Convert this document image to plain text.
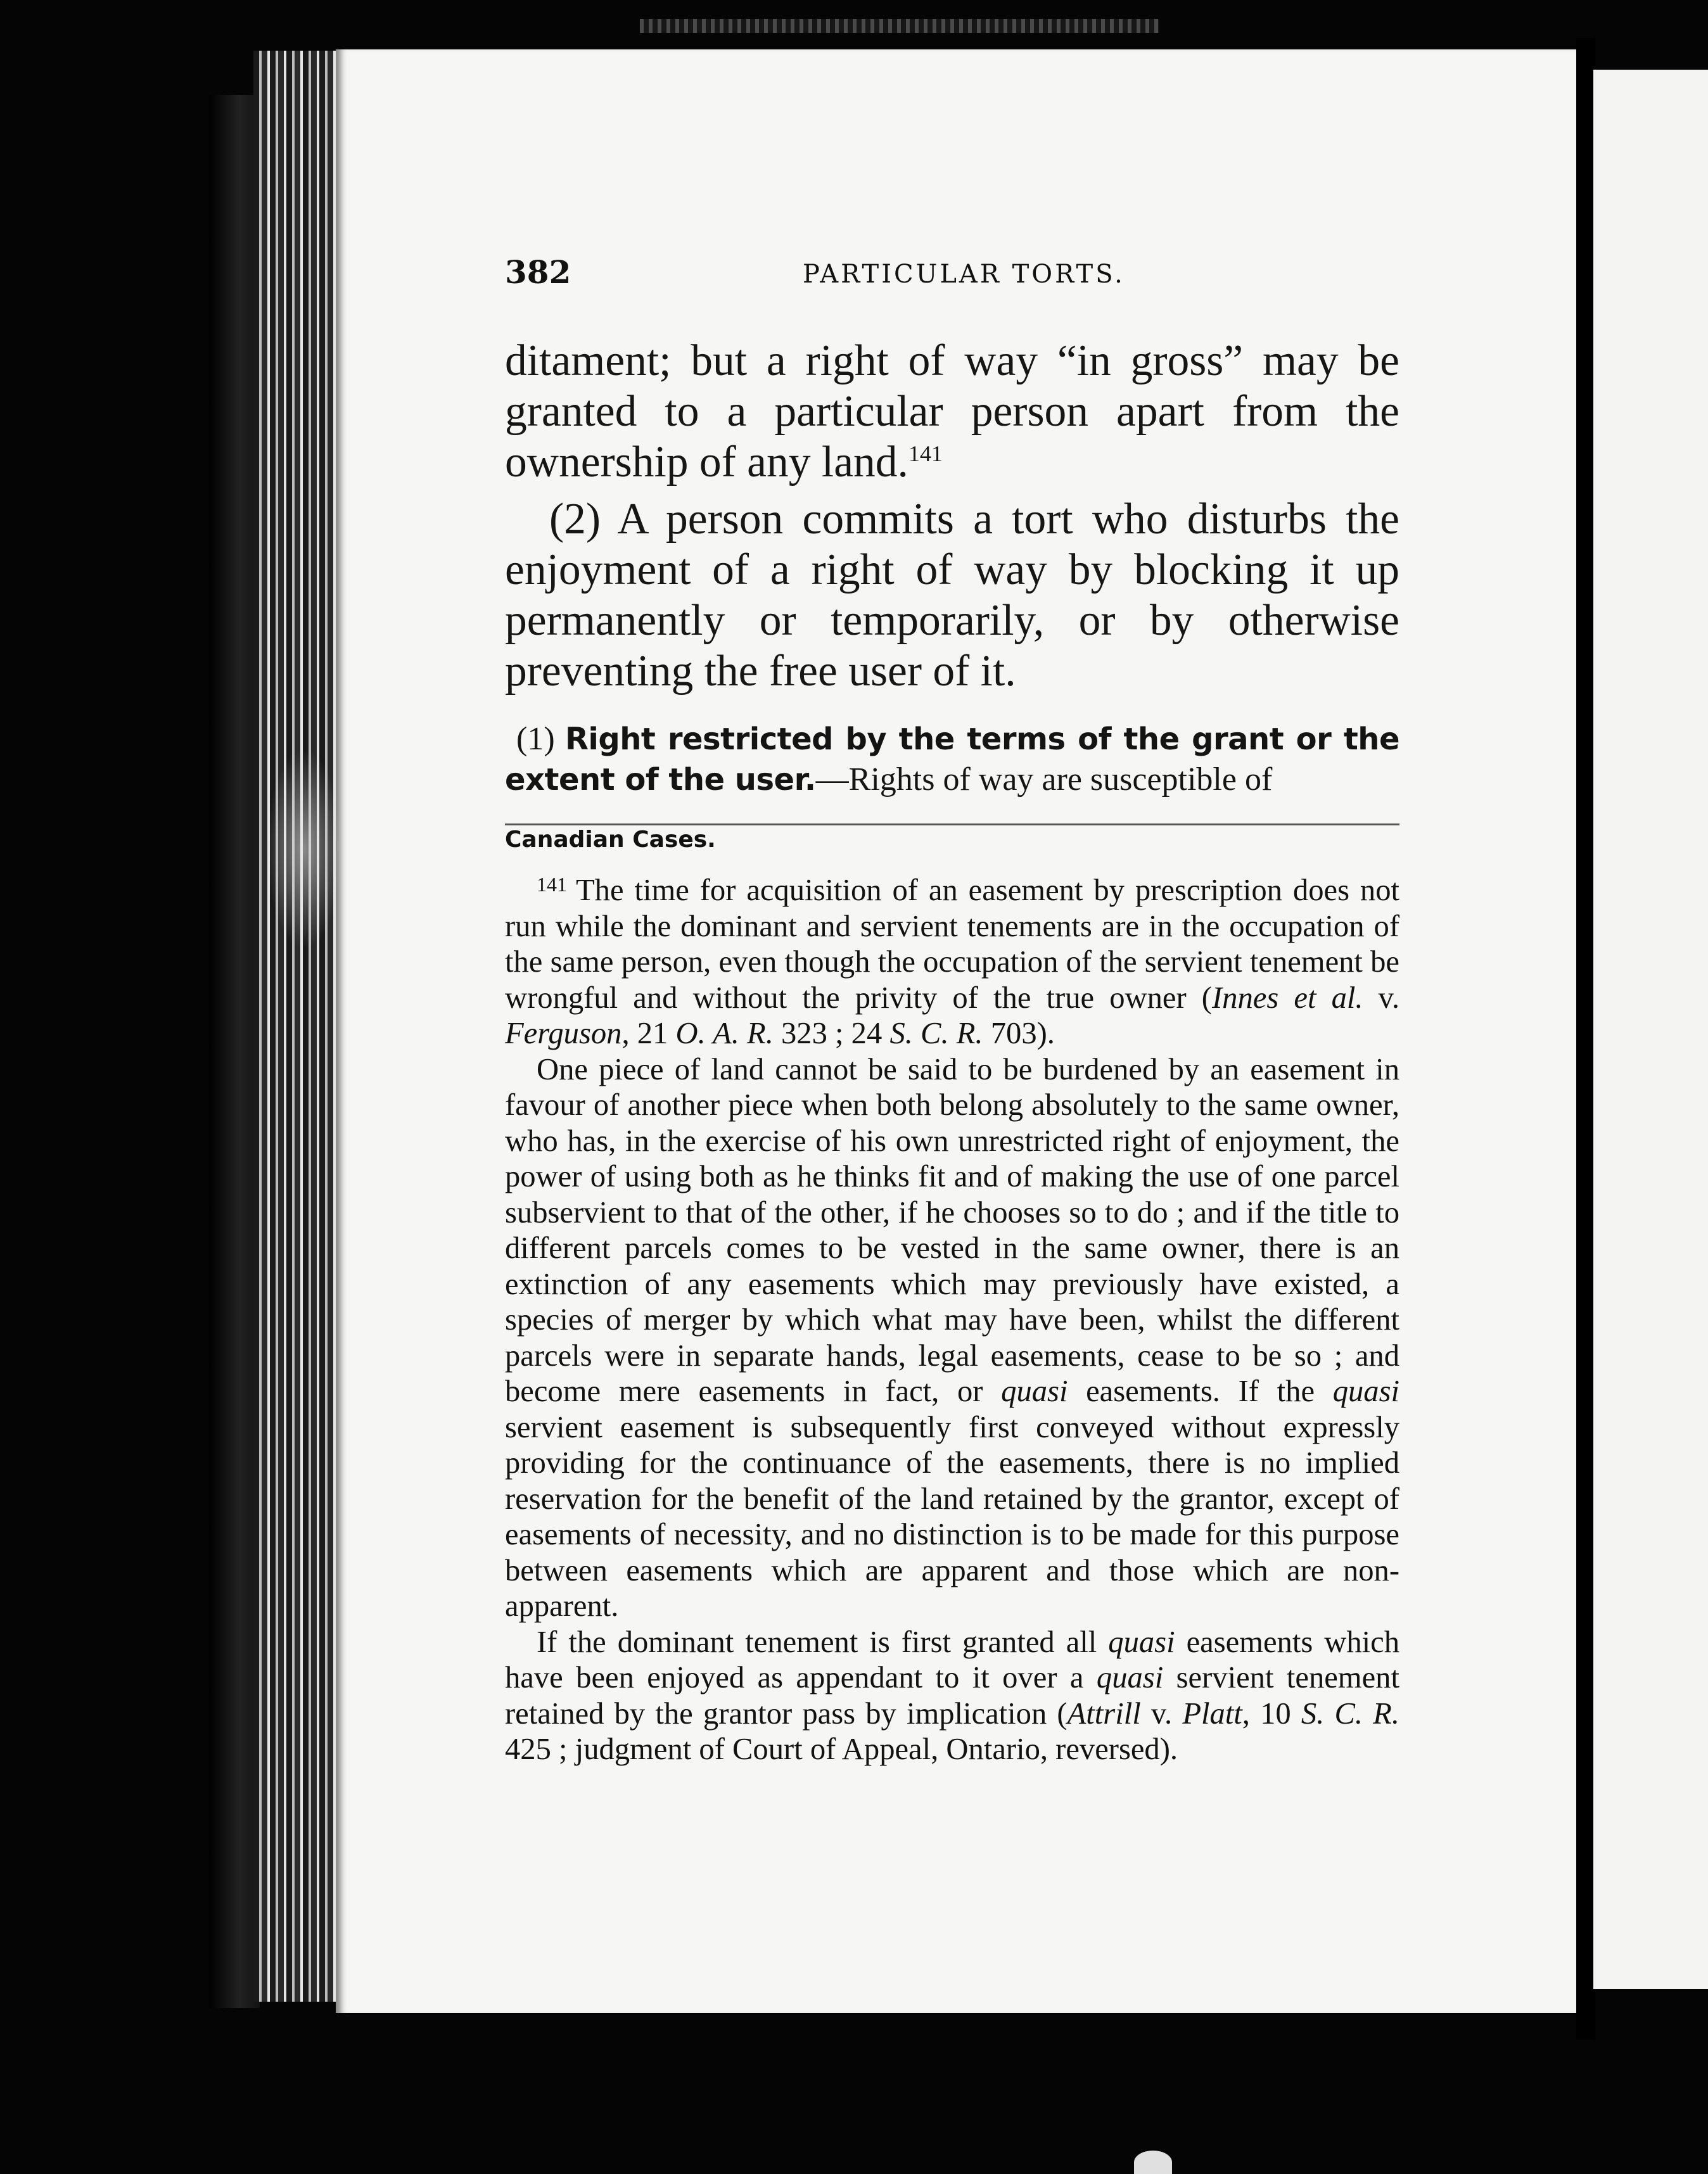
382	PARTICULAR TORTS.

ditament; but a right of way “in gross” may be granted to a particular person apart from the ownership of any land.$^{141}$

(2) A person commits a tort who disturbs the enjoyment of a right of way by blocking it up permanently or temporarily, or by otherwise preventing the free user of it.

(1) Right restricted by the terms of the grant or the extent of the user.—Rights of way are susceptible of
Canadian Cases.

$^{141}$ The time for acquisition of an easement by prescription does not run while the dominant and servient tenements are in the occupation of the same person, even though the occupation of the servient tenement be wrongful and without the privity of the true owner (Innes et al. v. Ferguson, 21 O. A. R. 323 ; 24 S. C. R. 703).

One piece of land cannot be said to be burdened by an easement in favour of another piece when both belong absolutely to the same owner, who has, in the exercise of his own unrestricted right of enjoyment, the power of using both as he thinks fit and of making the use of one parcel subservient to that of the other, if he chooses so to do ; and if the title to different parcels comes to be vested in the same owner, there is an extinction of any easements which may previously have existed, a species of merger by which what may have been, whilst the different parcels were in separate hands, legal easements, cease to be so ; and become mere easements in fact, or quasi easements. If the quasi servient easement is subsequently first conveyed without expressly providing for the continuance of the easements, there is no implied reservation for the benefit of the land retained by the grantor, except of easements of necessity, and no distinction is to be made for this purpose between easements which are apparent and those which are non-apparent.

If the dominant tenement is first granted all quasi easements which have been enjoyed as appendant to it over a quasi servient tenement retained by the grantor pass by implication (Attrill v. Platt, 10 S. C. R. 425 ; judgment of Court of Appeal, Ontario, reversed).
